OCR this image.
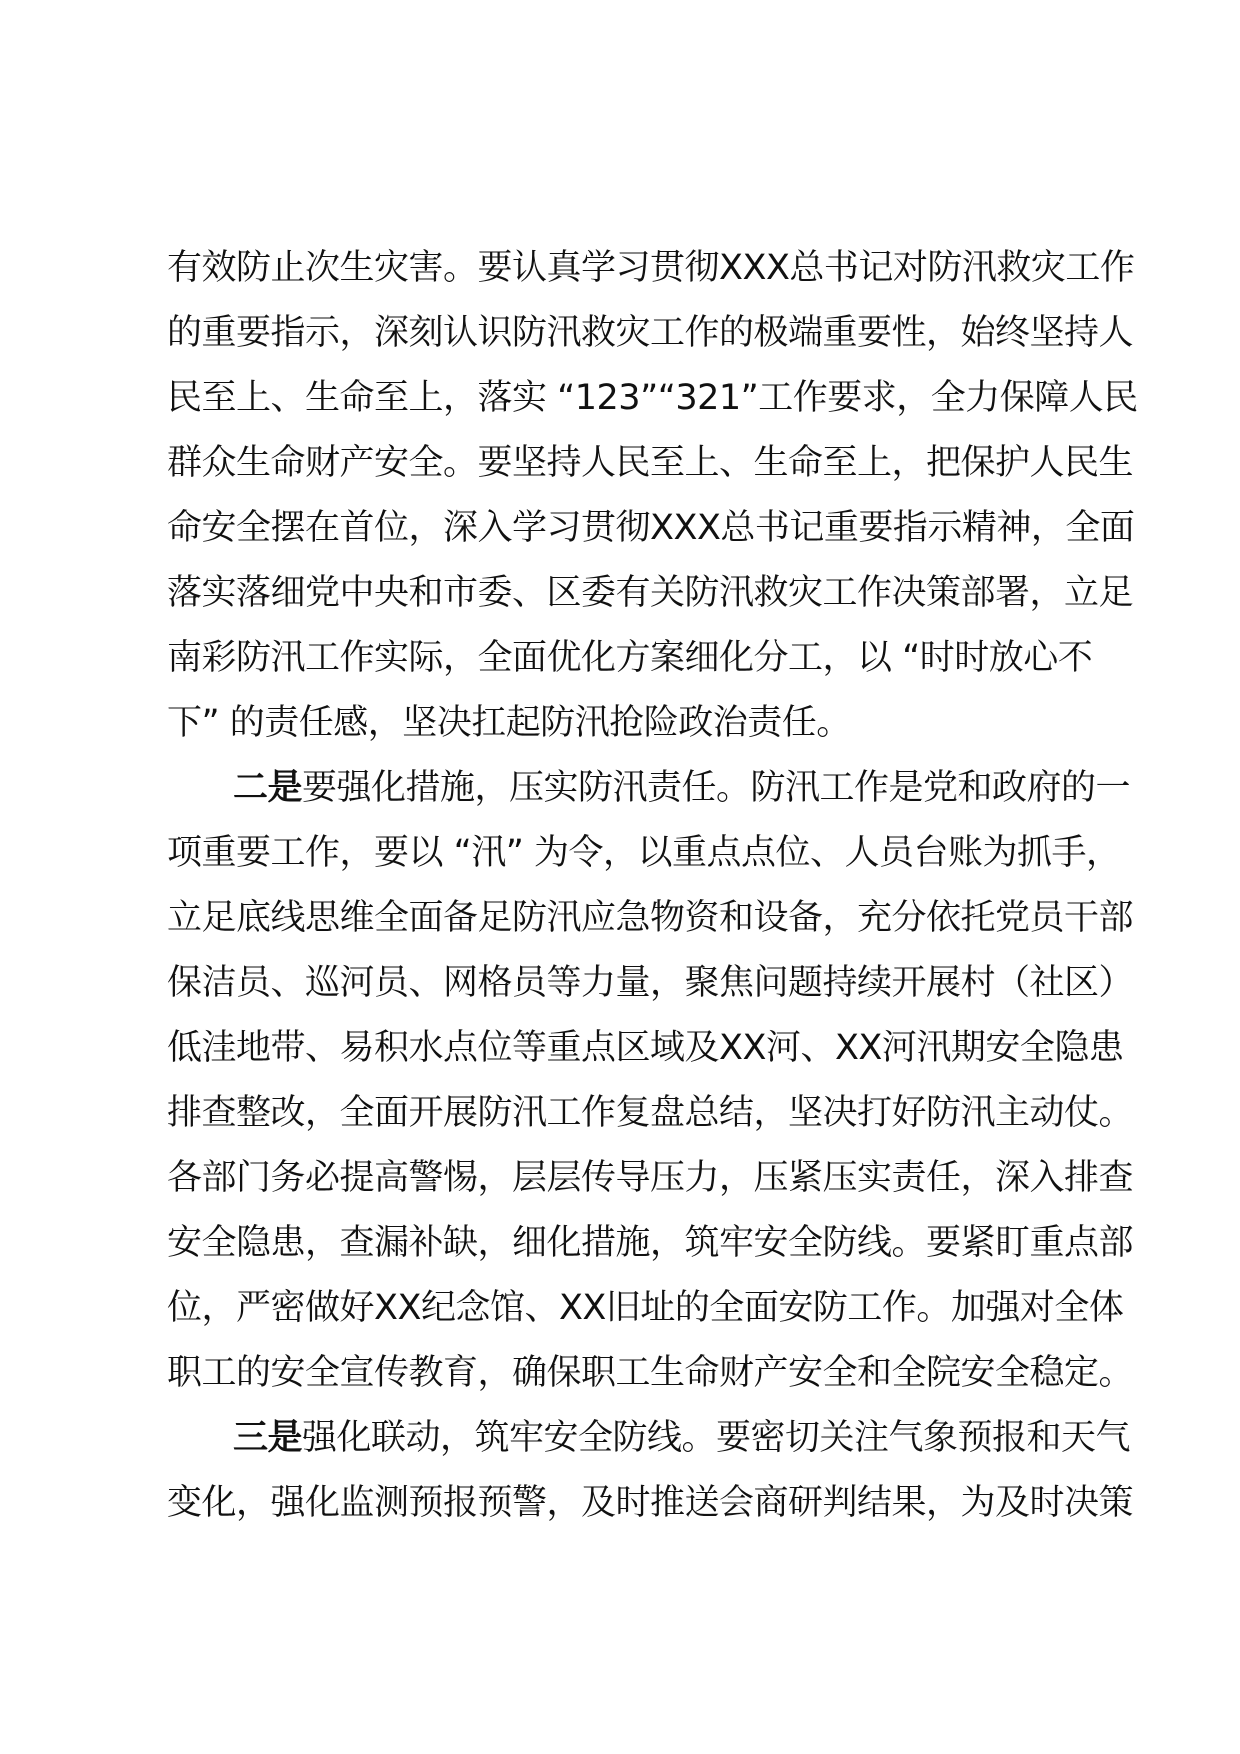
有效防止次生灾害。要认真学习贯彻XXX总书记对防汛救灾工作
的重要指示，深刻认识防汛救灾工作的极端重要性，始终坚持人
民至上、生命至上，落实 “123”“321”工作要求，全力保障人民
群众生命财产安全。要坚持人民至上、生命至上，把保护人民生
命安全摆在首位，深入学习贯彻XXX总书记重要指示精神，全面
落实落细党中央和市委、区委有关防汛救灾工作决策部署，立足
南彩防汛工作实际，全面优化方案细化分工，以 “时时放心不
下” 的责任感，坚决扛起防汛抢险政治责任。
二是要强化措施，压实防汛责任。防汛工作是党和政府的一
项重要工作，要以 “汛” 为令，以重点点位、人员台账为抓手，
立足底线思维全面备足防汛应急物资和设备，充分依托党员干部
保洁员、巡河员、网格员等力量，聚焦问题持续开展村（社区）
低洼地带、易积水点位等重点区域及XX河、XX河汛期安全隐患
排查整改，全面开展防汛工作复盘总结，坚决打好防汛主动仗。
各部门务必提高警惕，层层传导压力，压紧压实责任，深入排查
安全隐患，查漏补缺，细化措施，筑牢安全防线。要紧盯重点部
位，严密做好XX纪念馆、XX旧址的全面安防工作。加强对全体
职工的安全宣传教育，确保职工生命财产安全和全院安全稳定。
三是强化联动，筑牢安全防线。要密切关注气象预报和天气
变化，强化监测预报预警，及时推送会商研判结果，为及时决策
